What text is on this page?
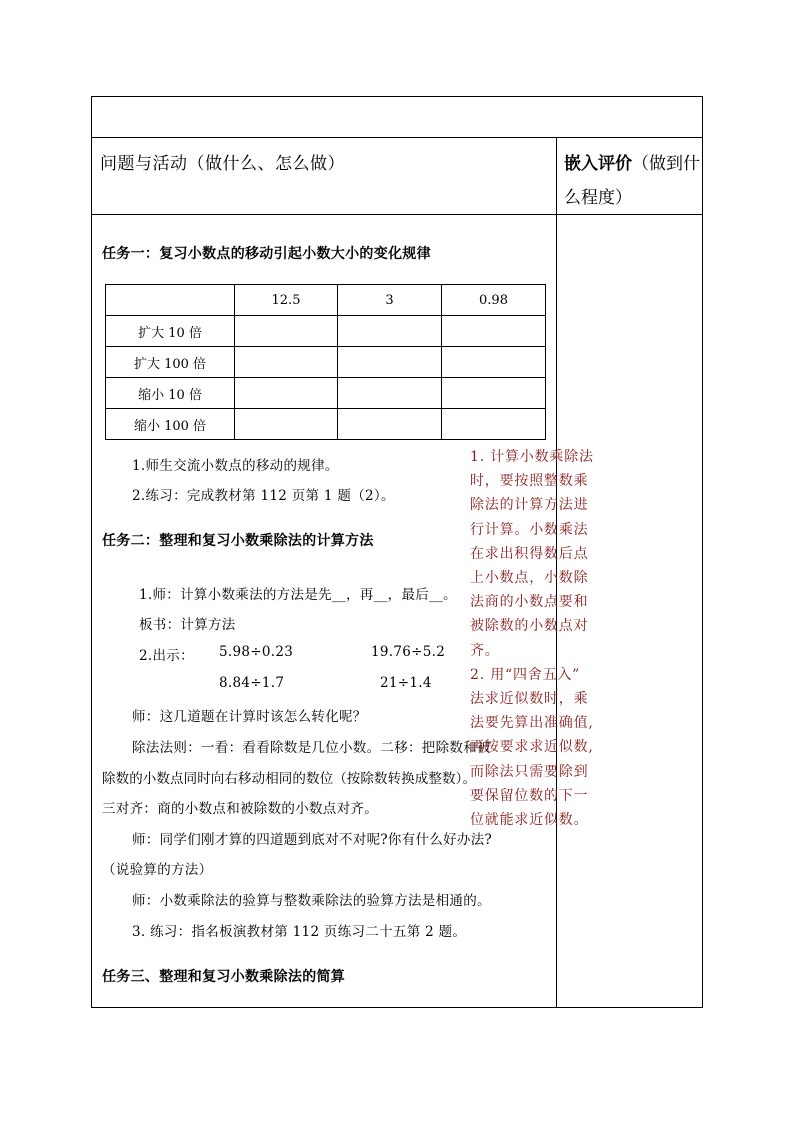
问题与活动（做什么、怎么做）	嵌入评价（做到什么程度）
任务一：复习小数点的移动引起小数大小的变化规律
	12.5	3	0.98
扩大 10 倍			
扩大 100 倍			
缩小 10 倍			
缩小 100 倍			
1.师生交流小数点的移动的规律。
2.练习：完成教材第 112 页第 1 题（2）。
任务二：整理和复习小数乘除法的计算方法
1.师：计算小数乘法的方法是先__，再__，最后__。
板书：计算方法
2.出示： 5.98÷0.23	19.76÷5.2
8.84÷1.7	21÷1.4
师：这几道题在计算时该怎么转化呢？
除法法则：一看：看看除数是几位小数。二移：把除数和被
除数的小数点同时向右移动相同的数位（按除数转换成整数）。
三对齐：商的小数点和被除数的小数点对齐。
师：同学们刚才算的四道题到底对不对呢?你有什么好办法?
（说验算的方法）
师：小数乘除法的验算与整数乘除法的验算方法是相通的。
3. 练习：指名板演教材第 112 页练习二十五第 2 题。
任务三、整理和复习小数乘除法的简算

1. 计算小数乘除法

时，要按照整数乘

除法的计算方法进

行计算。小数乘法

在求出积得数后点

上小数点，小数除

法商的小数点要和

被除数的小数点对

齐。

2. 用“四舍五入”

法求近似数时，乘

法要先算出准确值,

再按要求求近似数,

而除法只需要除到

要保留位数的下一

位就能求近似数。
